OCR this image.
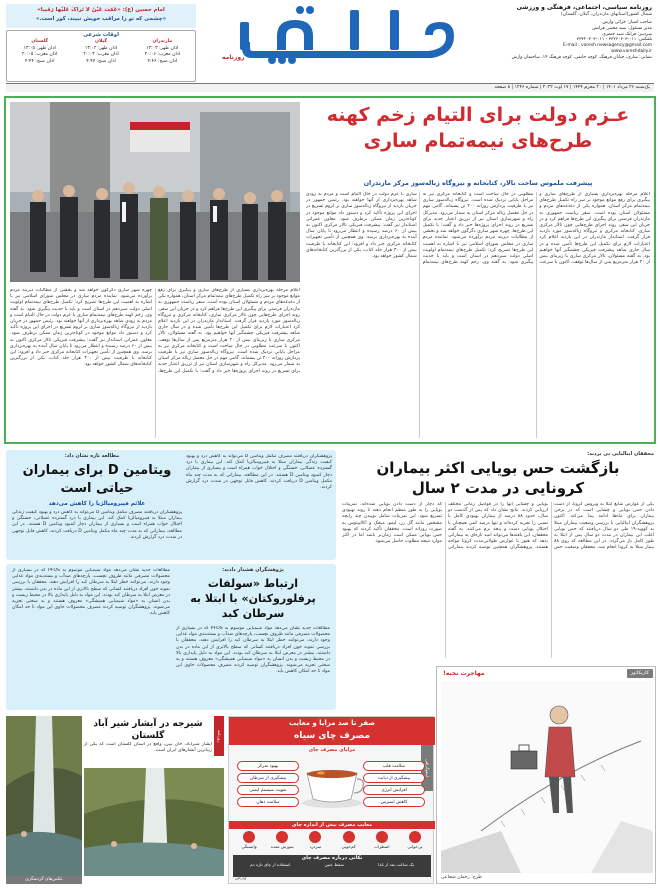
روزنامه سیاسی، اجتماعی، فرهنگی و ورزشی
شمال کشور(استانهای مازندران، گیلان، گلستان)
صاحب امتیاز: خزائی وارش
مدیر مسئول: سید مجتبی فرانش
سردبیر: فرانک سید جعفری
تلفکس: ۰۱۱-۳۳۲۶۰۳۰۳ - ۰۱۱-۳۳۳۲۰۳۰۳
E-mail : varesh.newsagency@gmail.com
www.vareshdaily.ir
نشانی: ساری، خیابان فرهنگ، کوچه حاتمی، کوچه فرهنگ ۱۴، ساختمان وارش
روزنامه
امام حسین (ع): «عَمّت عَیْنٌ لا تَراکَ عَلیْها رَقیبا»
«چشمی که تو را مراقب خویش نبیند، کور است.»
اوقات شرعی
مازندران
اذان ظهر: ۱۳:۰۳
اذان مغرب: ۲۰:۰۶
اذان صبح: ۴:۴۶
گیلان
اذان ظهر: ۱۳:۰۲
اذان مغرب: ۲۰:۰۳
اذان صبح: ۴:۴۷
گلستان
اذان ظهر: ۱۳:۰۵
اذان مغرب: ۲۰:۰۵
اذان صبح: ۴:۴۴
یک‌شنبه ۲۶ مرداد ۱۴۰۱ | ۲۰ محرم ۱۴۴۴ | ۱۷ اوت ۲۰۲۲ | شماره ۱۲۴۶ | ۸ صفحه
عـزم دولت برای التیام زخم کهنه
طرح‌های نیمه‌تمام ساری
پیشرفت ملموس ساخت تالار، کتابخانه و نیروگاه زباله‌سوز مرکز مازندران
اعلام مرحله بهره‌برداری بسیاری از طرح‌های ساری و پیگیری برای رفع موانع موجود بر سر راه تکمیل طرح‌های نیمه‌تمام مرکز استان، همواره یکی از دغدغه‌های مردم و مسئولان استان بوده است. سفر ریاست جمهوری به مازندران فرصتی برای پیگیری این طرح‌ها فراهم کرد و در جریان این سفر، روند اجرای طرح‌هایی چون تالار مرکزی ساری، کتابخانه مرکزی و نیروگاه زباله‌سوز مورد بازدید قرار گرفت. استاندار مازندران در این بازدید اعلام کرد اعتبارات لازم برای تکمیل این طرح‌ها تأمین شده و در سال جاری شاهد پیشرفت فیزیکی چشمگیر آنها خواهیم بود. به گفته مسئولان، تالار مرکزی ساری با زیربنای بیش از ۲۰ هزار مترمربع پس از سال‌ها توقف، اکنون با سرعت مطلوبی در حال ساخت است و کتابخانه مرکزی نیز به مراحل پایانی نزدیک شده است. نیروگاه زباله‌سوز ساری نیز با ظرفیت پردازش روزانه ۲۰۰ تن پسماند، گامی مهم در حل معضل زباله مرکز استان به شمار می‌رود. مدیرکل راه و شهرسازی استان نیز از تزریق اعتبار جدید برای تسریع در روند اجرای پروژه‌ها خبر داد و گفت: با تکمیل این طرح‌ها، چهره شهر ساری دگرگون خواهد شد و بخشی از مطالبات دیرینه مردم برآورده می‌شود. نماینده مردم ساری در مجلس شورای اسلامی نیز با اشاره به اهمیت این طرح‌ها تصریح کرد: تکمیل طرح‌های نیمه‌تمام اولویت اصلی دولت سیزدهم در استان است و باید با جدیت پیگیری شود. به گفته وی، زخم کهنه طرح‌های نیمه‌تمام ساری با عزم دولت در حال التیام است و مردم به زودی شاهد بهره‌برداری از آنها خواهند بود. رئیس جمهور در جریان بازدید از نیروگاه زباله‌سوز ساری بر لزوم تسریع در اجرای این پروژه تأکید کرد و دستور داد موانع موجود در کوتاه‌ترین زمان ممکن برطرف شود. معاون عمرانی استاندار نیز گفت: پیشرفت فیزیکی تالار مرکزی اکنون به بیش از ۶۰ درصد رسیده و انتظار می‌رود تا پایان سال آینده به بهره‌برداری برسد. وی همچنین از تأمین تجهیزات کتابخانه مرکزی خبر داد و افزود: این کتابخانه با ظرفیت بیش از ۳۰۰ هزار جلد کتاب، یکی از بزرگترین کتابخانه‌های شمال کشور خواهد بود.
اعلام مرحله بهره‌برداری بسیاری از طرح‌های ساری و پیگیری برای رفع موانع موجود بر سر راه تکمیل طرح‌های نیمه‌تمام مرکز استان، همواره یکی از دغدغه‌های مردم و مسئولان استان بوده است. سفر ریاست جمهوری به مازندران فرصتی برای پیگیری این طرح‌ها فراهم کرد و در جریان این سفر، روند اجرای طرح‌هایی چون تالار مرکزی ساری، کتابخانه مرکزی و نیروگاه زباله‌سوز مورد بازدید قرار گرفت. استاندار مازندران در این بازدید اعلام کرد اعتبارات لازم برای تکمیل این طرح‌ها تأمین شده و در سال جاری شاهد پیشرفت فیزیکی چشمگیر آنها خواهیم بود. به گفته مسئولان، تالار مرکزی ساری با زیربنای بیش از ۲۰ هزار مترمربع پس از سال‌ها توقف، اکنون با سرعت مطلوبی در حال ساخت است و کتابخانه مرکزی نیز به مراحل پایانی نزدیک شده است. نیروگاه زباله‌سوز ساری نیز با ظرفیت پردازش روزانه ۲۰۰ تن پسماند، گامی مهم در حل معضل زباله مرکز استان به شمار می‌رود. مدیرکل راه و شهرسازی استان نیز از تزریق اعتبار جدید برای تسریع در روند اجرای پروژه‌ها خبر داد و گفت: با تکمیل این طرح‌ها، چهره شهر ساری دگرگون خواهد شد و بخشی از مطالبات دیرینه مردم برآورده می‌شود. نماینده مردم ساری در مجلس شورای اسلامی نیز با اشاره به اهمیت این طرح‌ها تصریح کرد: تکمیل طرح‌های نیمه‌تمام اولویت اصلی دولت سیزدهم در استان است و باید با جدیت پیگیری شود. به گفته وی، زخم کهنه طرح‌های نیمه‌تمام ساری با عزم دولت در حال التیام است و مردم به زودی شاهد بهره‌برداری از آنها خواهند بود. رئیس جمهور در جریان بازدید از نیروگاه زباله‌سوز ساری بر لزوم تسریع در اجرای این پروژه تأکید کرد و دستور داد موانع موجود در کوتاه‌ترین زمان ممکن برطرف شود. معاون عمرانی استاندار نیز گفت: پیشرفت فیزیکی تالار مرکزی اکنون به بیش از ۶۰ درصد رسیده و انتظار می‌رود تا پایان سال آینده به بهره‌برداری برسد. وی همچنین از تأمین تجهیزات کتابخانه مرکزی خبر داد و افزود: این کتابخانه با ظرفیت بیش از ۳۰۰ هزار جلد کتاب، یکی از بزرگترین کتابخانه‌های شمال کشور خواهد بود.
محققان ایتالیایی پی بردند:
بازگشت حس بویایی اکثر بیماران
کرونایی در مدت ۲ سال
یکی از عوارض شایع ابتلا به ویروس کرونا، از دست دادن حس بویایی و چشایی است که در برخی بیماران برای ماه‌ها ادامه پیدا می‌کند. اکنون پژوهشگران ایتالیایی با بررسی وضعیت بیماران مبتلا به کووید-۱۹ طی دو سال دریافتند که حس بویایی اغلب این بیماران در مدت دو سال پس از ابتلا به طور کامل باز می‌گردد. در این مطالعه که روی ۸۸ بیمار مبتلا به کرونا انجام شد، محققان وضعیت حس بویایی و چشایی آنها را در فواصل زمانی مختلف ارزیابی کردند. نتایج نشان داد که پس از گذشت دو سال، حدود ۸۸ درصد از بیماران بهبودی کامل یا نسبی را تجربه کرده‌اند و تنها درصد کمی همچنان با اختلال بویایی دست و پنجه نرم می‌کنند. به گفته محققان، این یافته‌ها می‌تواند امید تازه‌ای به بیمارانی بدهد که هنوز با عوارض طولانی‌مدت کرونا مواجه هستند. پژوهشگران همچنین توصیه کردند بیمارانی که دچار از دست دادن بویایی شده‌اند، تمرینات بویایی را به طور منظم انجام دهند تا روند بهبودی تسریع شود. این تمرینات شامل بوییدن چند رایحه مشخص مانند گل رز، لیمو، میخک و اکالیپتوس به صورت روزانه است. محققان تأکید کردند که بهبود حس بویایی ممکن است زمان‌بر باشد اما در اکثر موارد نتیجه مطلوب حاصل می‌شود.
مطالعه تازه نشان داد:
ویتامین D برای بیماران
حیاتی است
علائم فیبرومیالژیا را کاهش می‌دهد
پژوهشگران دریافتند مصرف مکمل ویتامین D می‌تواند به کاهش درد و بهبود کیفیت زندگی بیماران مبتلا به فیبرومیالژیا کمک کند. این بیماری با درد گسترده عضلانی، خستگی و اختلال خواب همراه است و بسیاری از بیماران دچار کمبود ویتامین D هستند. در این مطالعه، بیمارانی که به مدت چند ماه مکمل ویتامین D دریافت کردند، کاهش قابل توجهی در شدت درد گزارش کردند.
پژوهشگران دریافتند مصرف مکمل ویتامین D می‌تواند به کاهش درد و بهبود کیفیت زندگی بیماران مبتلا به فیبرومیالژیا کمک کند. این بیماری با درد گسترده عضلانی، خستگی و اختلال خواب همراه است و بسیاری از بیماران دچار کمبود ویتامین D هستند. در این مطالعه، بیمارانی که به مدت چند ماه مکمل ویتامین D دریافت کردند، کاهش قابل توجهی در شدت درد گزارش کردند.
پژوهشگران هشدار دادند:
ارتباط «سولفات
پرفلوروکتان» با ابتلا به
سرطان کبد
مطالعات جدید نشان می‌دهد مواد شیمیایی موسوم به PFOS که در بسیاری از محصولات مصرفی مانند ظروف نچسب، پارچه‌های ضدآب و بسته‌بندی مواد غذایی وجود دارند، می‌توانند خطر ابتلا به سرطان کبد را افزایش دهند. محققان با بررسی نمونه خون افراد دریافتند کسانی که سطح بالاتری از این ماده در بدن داشتند، بیشتر در معرض ابتلا به سرطان کبد بودند. این مواد به دلیل پایداری بالا در محیط زیست و بدن انسان به «مواد شیمیایی همیشگی» معروف هستند و به سختی تجزیه می‌شوند. پژوهشگران توصیه کردند مصرف محصولات حاوی این مواد تا حد امکان کاهش یابد.
مطالعات جدید نشان می‌دهد مواد شیمیایی موسوم به PFOS که در بسیاری از محصولات مصرفی مانند ظروف نچسب، پارچه‌های ضدآب و بسته‌بندی مواد غذایی وجود دارند، می‌توانند خطر ابتلا به سرطان کبد را افزایش دهند. محققان با بررسی نمونه خون افراد دریافتند کسانی که سطح بالاتری از این ماده در بدن داشتند، بیشتر در معرض ابتلا به سرطان کبد بودند. این مواد به دلیل پایداری بالا در محیط زیست و بدن انسان به «مواد شیمیایی همیشگی» معروف هستند و به سختی تجزیه می‌شوند. پژوهشگران توصیه کردند مصرف محصولات حاوی این مواد تا حد امکان کاهش یابد.	کاریکاتور
مهاجرت نخبه!
طرح: رحمان شجاعی
صفر تا صد مزایا و معایب
مصرف چای سیاه
اینفوگرافی
مزایای مصرف چای
سلامت قلب
پیشگیری از دیابت
افزایش انرژی
کاهش استرس
بهبود تمرکز
پیشگیری از سرطان
تقویت سیستم ایمنی
سلامت دهان
معایب مصرف بیش از اندازه چای
بی‌خوابی
اضطراب
کم‌خونی
سردرد
سوزش معده
وابستگی
نکاتی درباره مصرف چای
یک ساعت بعد از غذا
سقط جنین
استفاده از چای تازه دم
وارش
روزنامه
شیرجه در آبشار شیر آباد گلستان
آبشار شیرآباد، خان ببین، واقع در استان گلستان است که یکی از زیباترین آبشارهای ایران است.
عکس‌های گردشگری
